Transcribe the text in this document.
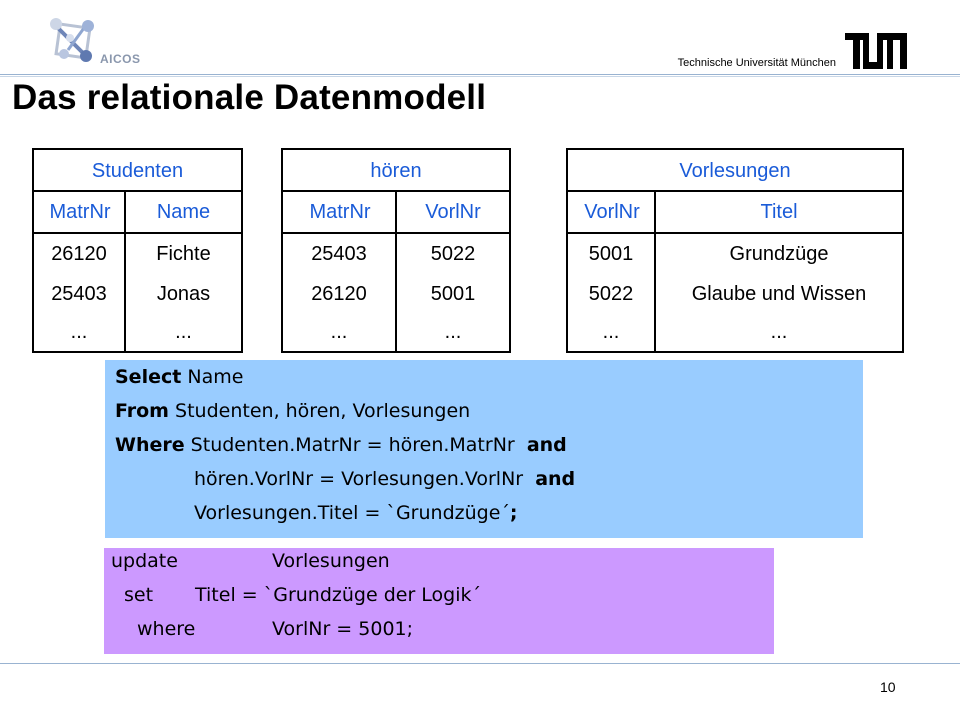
AICOS	Technische Universität München
Das relationale Datenmodell
Studenten
MatrNr	Name
26120	Fichte
25403	Jonas
...	...
hören
MatrNr	VorlNr
25403	5022
26120	5001
...	...
Vorlesungen
VorlNr	Titel
5001	Grundzüge
5022	Glaube und Wissen
...	...
Select Name
From Studenten, hören, Vorlesungen
Where Studenten.MatrNr = hören.MatrNr  and
hören.VorlNr = Vorlesungen.VorlNr  and
Vorlesungen.Titel = `Grundzüge´;
update	Vorlesungen
set Titel = `Grundzüge der Logik´
where	VorlNr = 5001;
10
